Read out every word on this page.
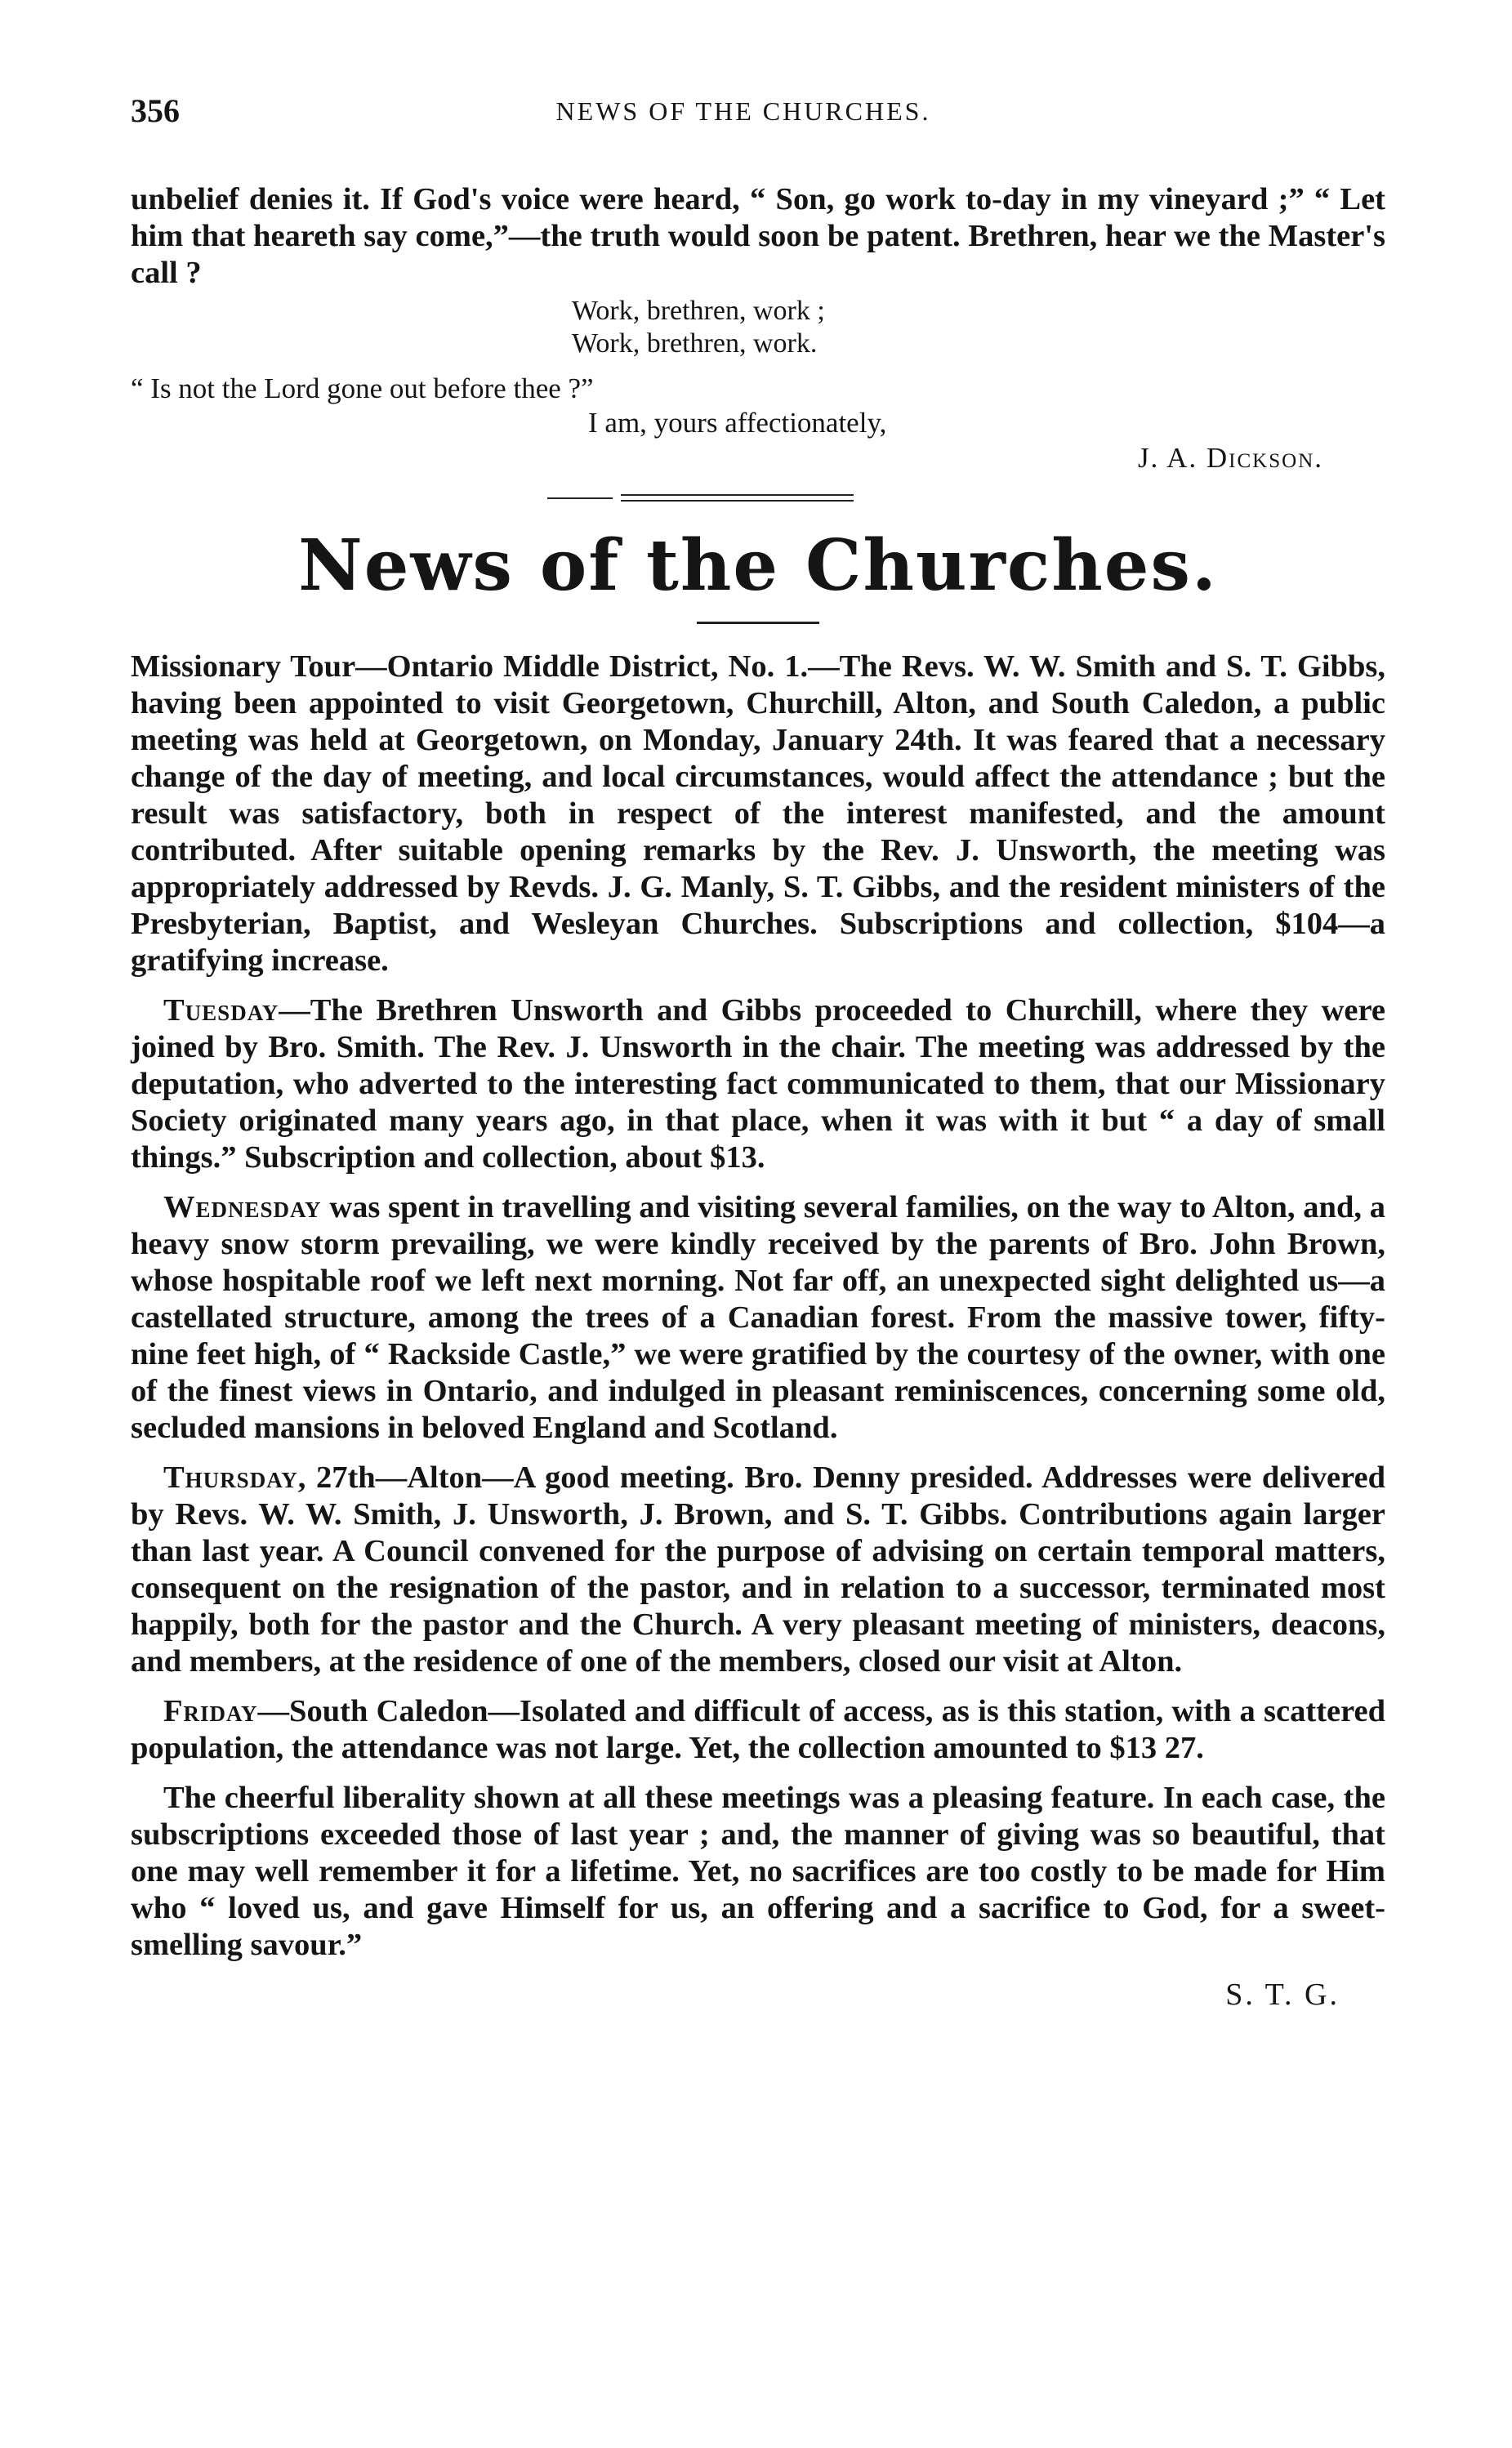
356	NEWS OF THE CHURCHES.

unbelief denies it. If God's voice were heard, “ Son, go work to-day in my vineyard ;” “ Let him that heareth say come,”—the truth would soon be patent. Brethren, hear we the Master's call ?

Work, brethren, work ;
Work, brethren, work.
“ Is not the Lord gone out before thee ?”
I am, yours affectionately,
J. A. Dickson.
News of the Churches.

Missionary Tour—Ontario Middle District, No. 1.—The Revs. W. W. Smith and S. T. Gibbs, having been appointed to visit Georgetown, Churchill, Alton, and South Caledon, a public meeting was held at Georgetown, on Monday, January 24th. It was feared that a necessary change of the day of meeting, and local circumstances, would affect the attendance ; but the result was satisfactory, both in respect of the interest manifested, and the amount contributed. After suitable opening remarks by the Rev. J. Unsworth, the meeting was appropriately addressed by Revds. J. G. Manly, S. T. Gibbs, and the resident ministers of the Presbyterian, Baptist, and Wesleyan Churches. Subscriptions and collection, $104—a gratifying increase.

Tuesday—The Brethren Unsworth and Gibbs proceeded to Churchill, where they were joined by Bro. Smith. The Rev. J. Unsworth in the chair. The meeting was addressed by the deputation, who adverted to the interesting fact communicated to them, that our Missionary Society originated many years ago, in that place, when it was with it but “ a day of small things.” Subscription and collection, about $13.

Wednesday was spent in travelling and visiting several families, on the way to Alton, and, a heavy snow storm prevailing, we were kindly received by the parents of Bro. John Brown, whose hospitable roof we left next morning. Not far off, an unexpected sight delighted us—a castellated structure, among the trees of a Canadian forest. From the massive tower, fifty-nine feet high, of “ Rackside Castle,” we were gratified by the courtesy of the owner, with one of the finest views in Ontario, and indulged in pleasant reminiscences, concerning some old, secluded mansions in beloved England and Scotland.

Thursday, 27th—Alton—A good meeting. Bro. Denny presided. Addresses were delivered by Revs. W. W. Smith, J. Unsworth, J. Brown, and S. T. Gibbs. Contributions again larger than last year. A Council convened for the purpose of advising on certain temporal matters, consequent on the resignation of the pastor, and in relation to a successor, terminated most happily, both for the pastor and the Church. A very pleasant meeting of ministers, deacons, and members, at the residence of one of the members, closed our visit at Alton.

Friday—South Caledon—Isolated and difficult of access, as is this station, with a scattered population, the attendance was not large. Yet, the collection amounted to $13 27.

The cheerful liberality shown at all these meetings was a pleasing feature. In each case, the subscriptions exceeded those of last year ; and, the manner of giving was so beautiful, that one may well remember it for a lifetime. Yet, no sacrifices are too costly to be made for Him who “ loved us, and gave Himself for us, an offering and a sacrifice to God, for a sweet-smelling savour.”

S. T. G.
